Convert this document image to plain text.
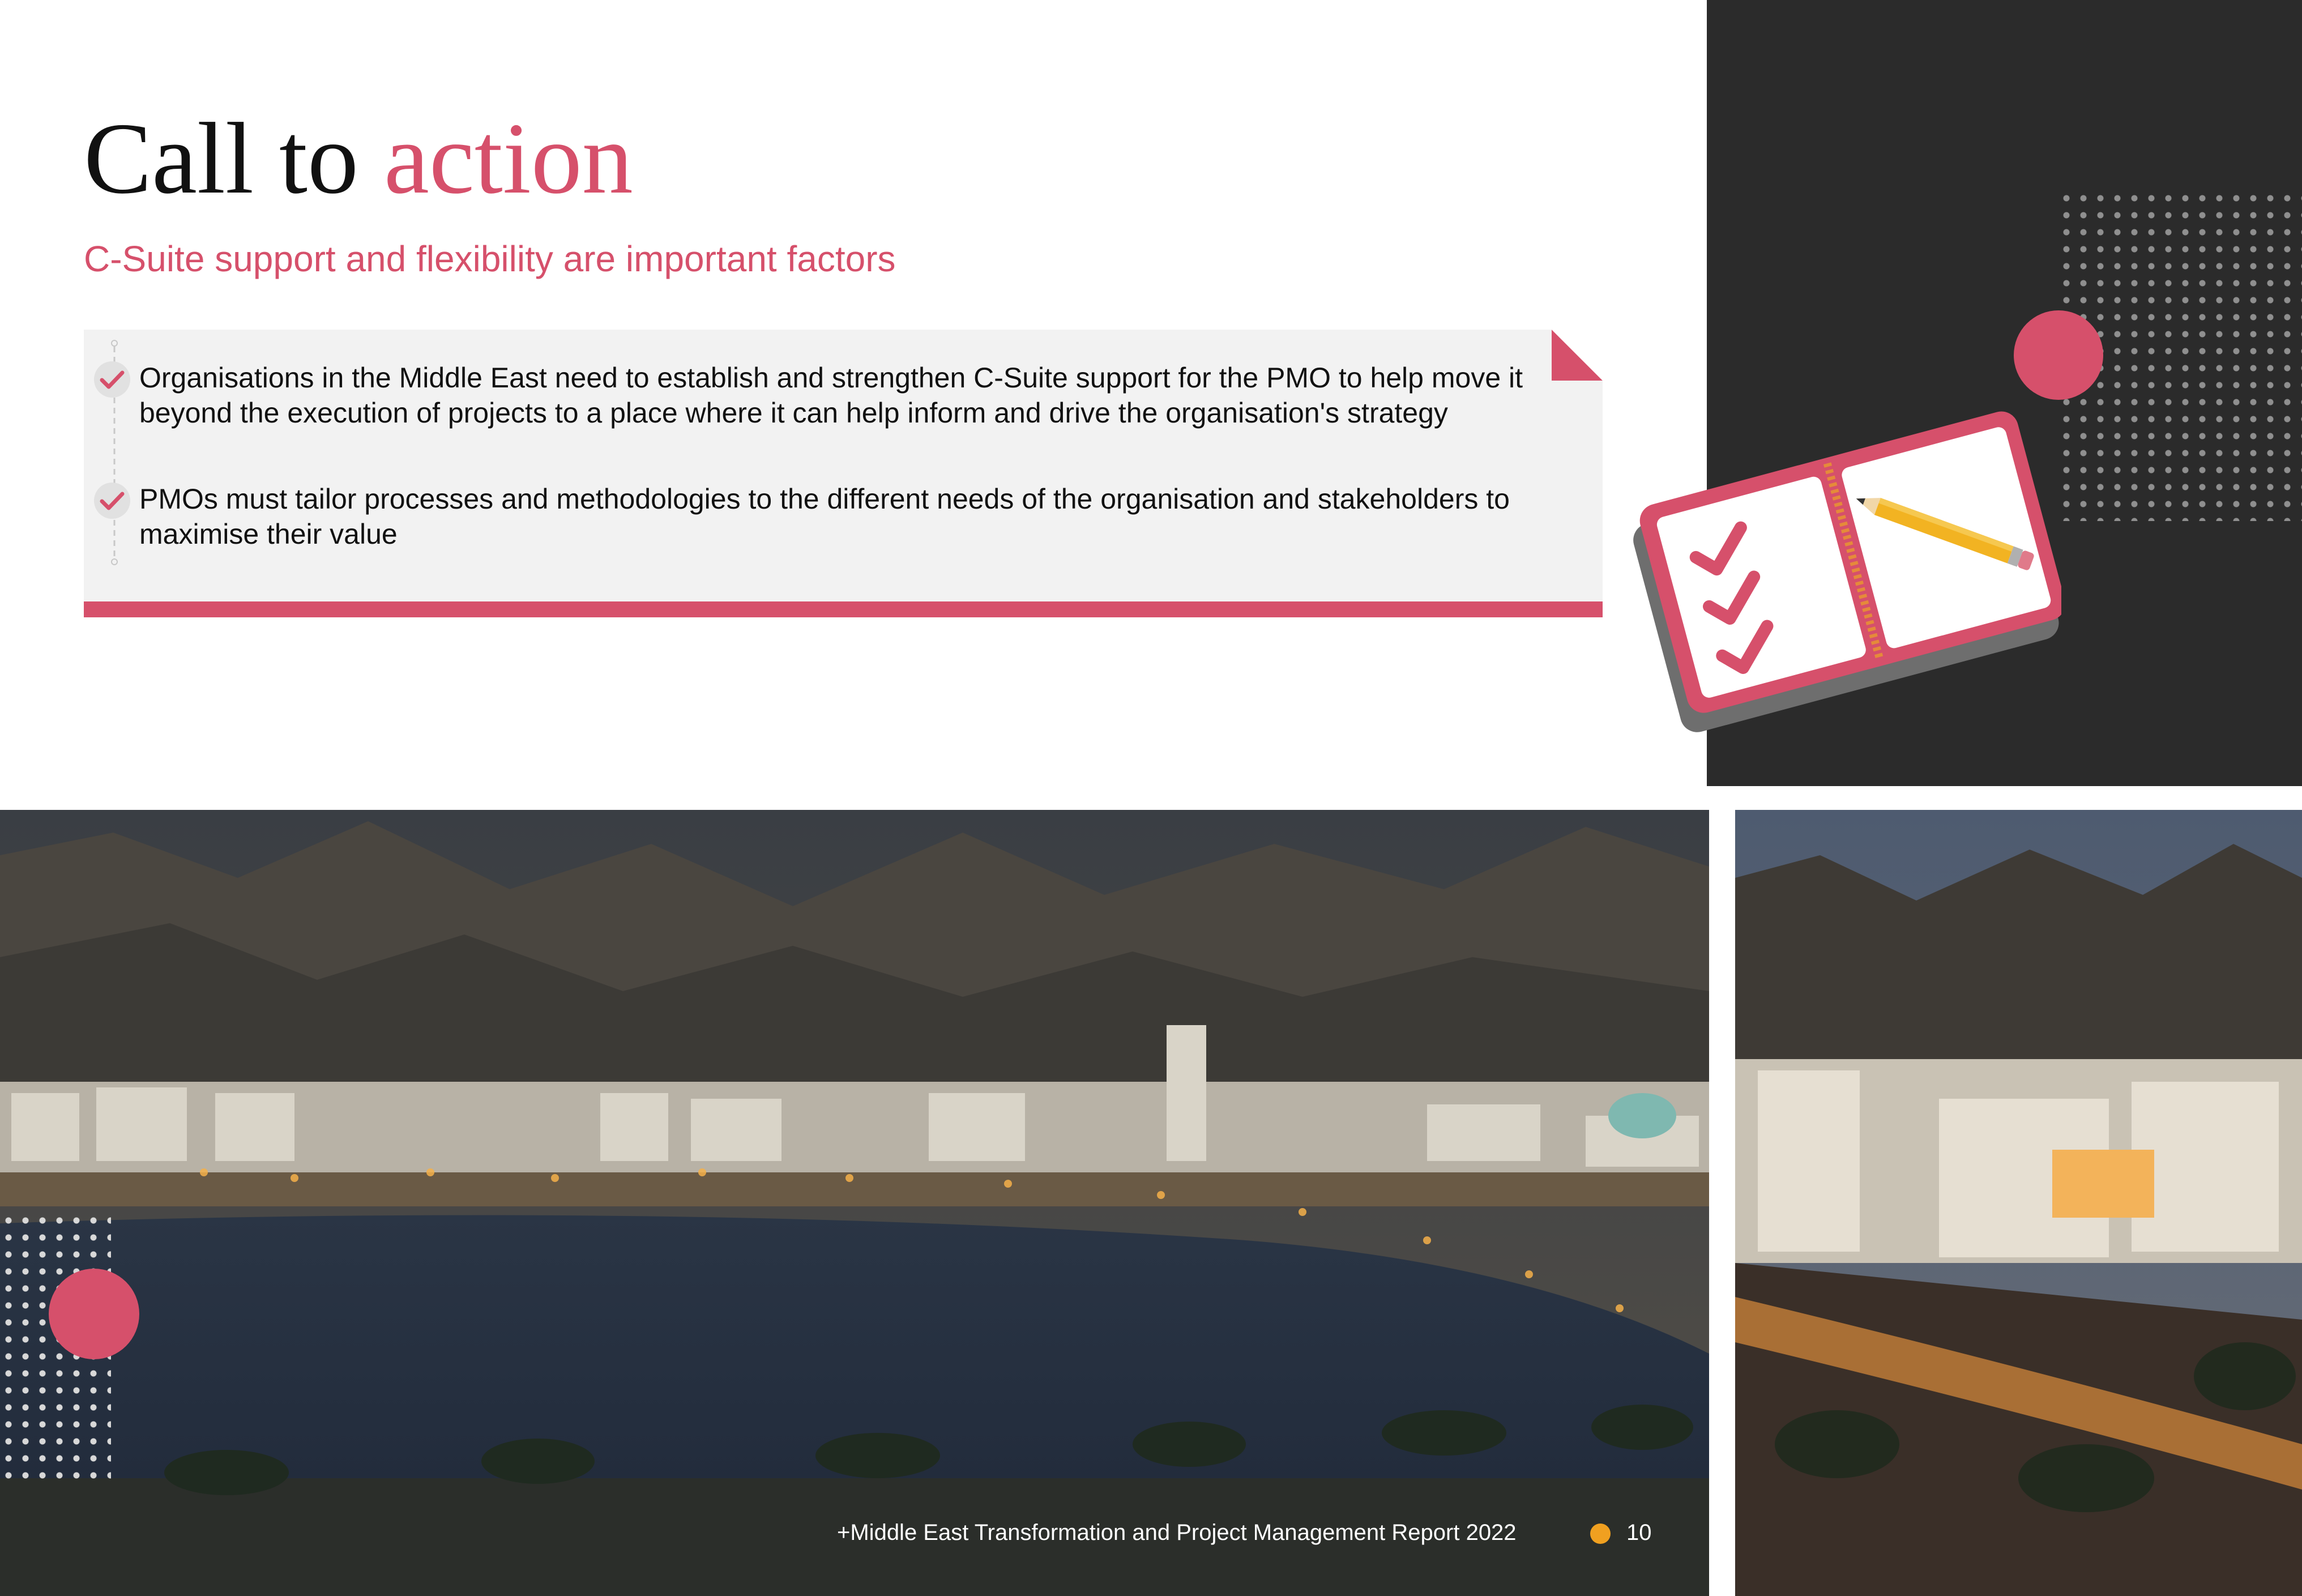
Call to action

C-Suite support and flexibility are important factors

Organisations in the Middle East need to establish and strengthen C-Suite support for the PMO to help move it beyond the execution of projects to a place where it can help inform and drive the organisation's strategy
PMOs must tailor processes and methodologies to the different needs of the organisation and stakeholders to maximise their value
+Middle East Transformation and Project Management Report 2022	10
